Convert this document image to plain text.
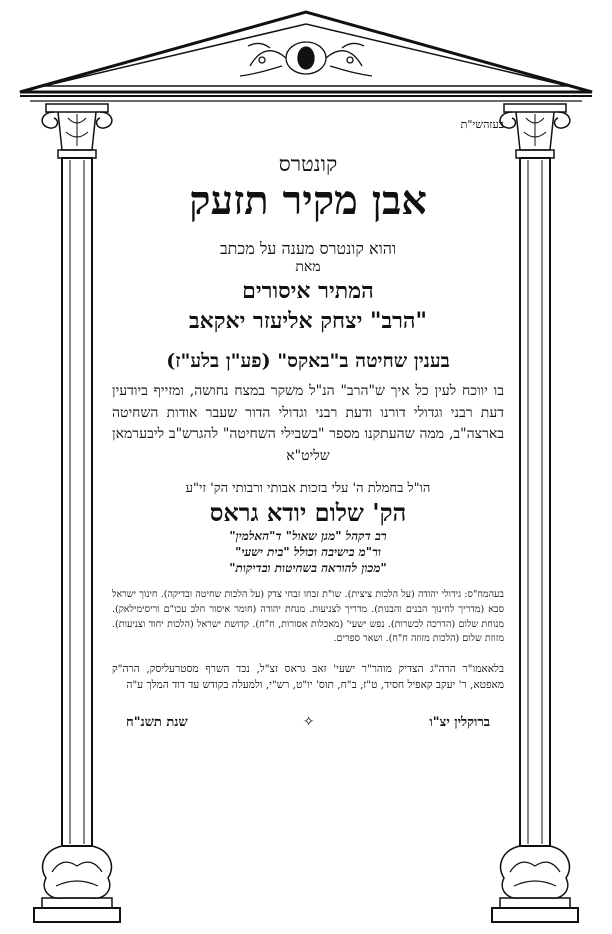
בעזהשי"ת
קונטרס
אבן מקיר תזעק
והוא קונטרס מענה על מכתב
מאת
המתיר איסורים
"הרב" יצחק אליעזר יאקאב
בענין שחיטה ב"באקס" (פע"ן בלע"ז)
בו יווכח לעין כל איך ש"הרב" הנ"ל משקר במצח נחושה, ומזייף ביודעין דעת רבני וגדולי דורנו ודעת רבני וגדולי הדור שעבר אודות השחיטה בארצה"ב, ממה שהעתקנו מספר "בשבילי השחיטה" להגרש"ב ליבערמאן שליט"א
הו"ל בחמלת ה' עלי בזכות אבותי ורבותי הק' זי"ע
הק' שלום יודא גראס
רב דקהל "מגן שאול" ד"האלמין"
ור"מ בישיבה וכולל "בית ישעי"
"מכון להוראה בשחיטות ובדיקות"
בעהמח"ס: גידולי יהודה (על הלכות ציצית). שו"ת זבחו זבחי צדק (על הלכות שחיטה ובדיקה). חינוך ישראל סבא (מדריך לחינוך הבנים והבנות). מדריך לצניעות. מנחת יהודה (חומר איסור חלב עכו"ם וריסימילאק). מנוחת שלום (הדרכה לכשרות). נפש ישעי' (מאכלות אסורות, ח"ח). קדושת ישראל (הלכות יחוד וצניעות). מזוזת שלום (הלכות מזוזה ח"ח). ושאר ספרים.
בלאאמו"ר הרה"ג הצדיק מוהר"ר ישעי' זאב גראס זצ"ל, נכד השרף מסטרעליסק, הרה"ק מאפטא, ר' יעקב קאפיל חסיד, ט"ז, ב"ח, תוס' יו"ט, רש"י, ולמעלה בקודש עד דוד המלך ע"ה
ברוקלין יצ"ו
✧
שנת תשנ"ח
